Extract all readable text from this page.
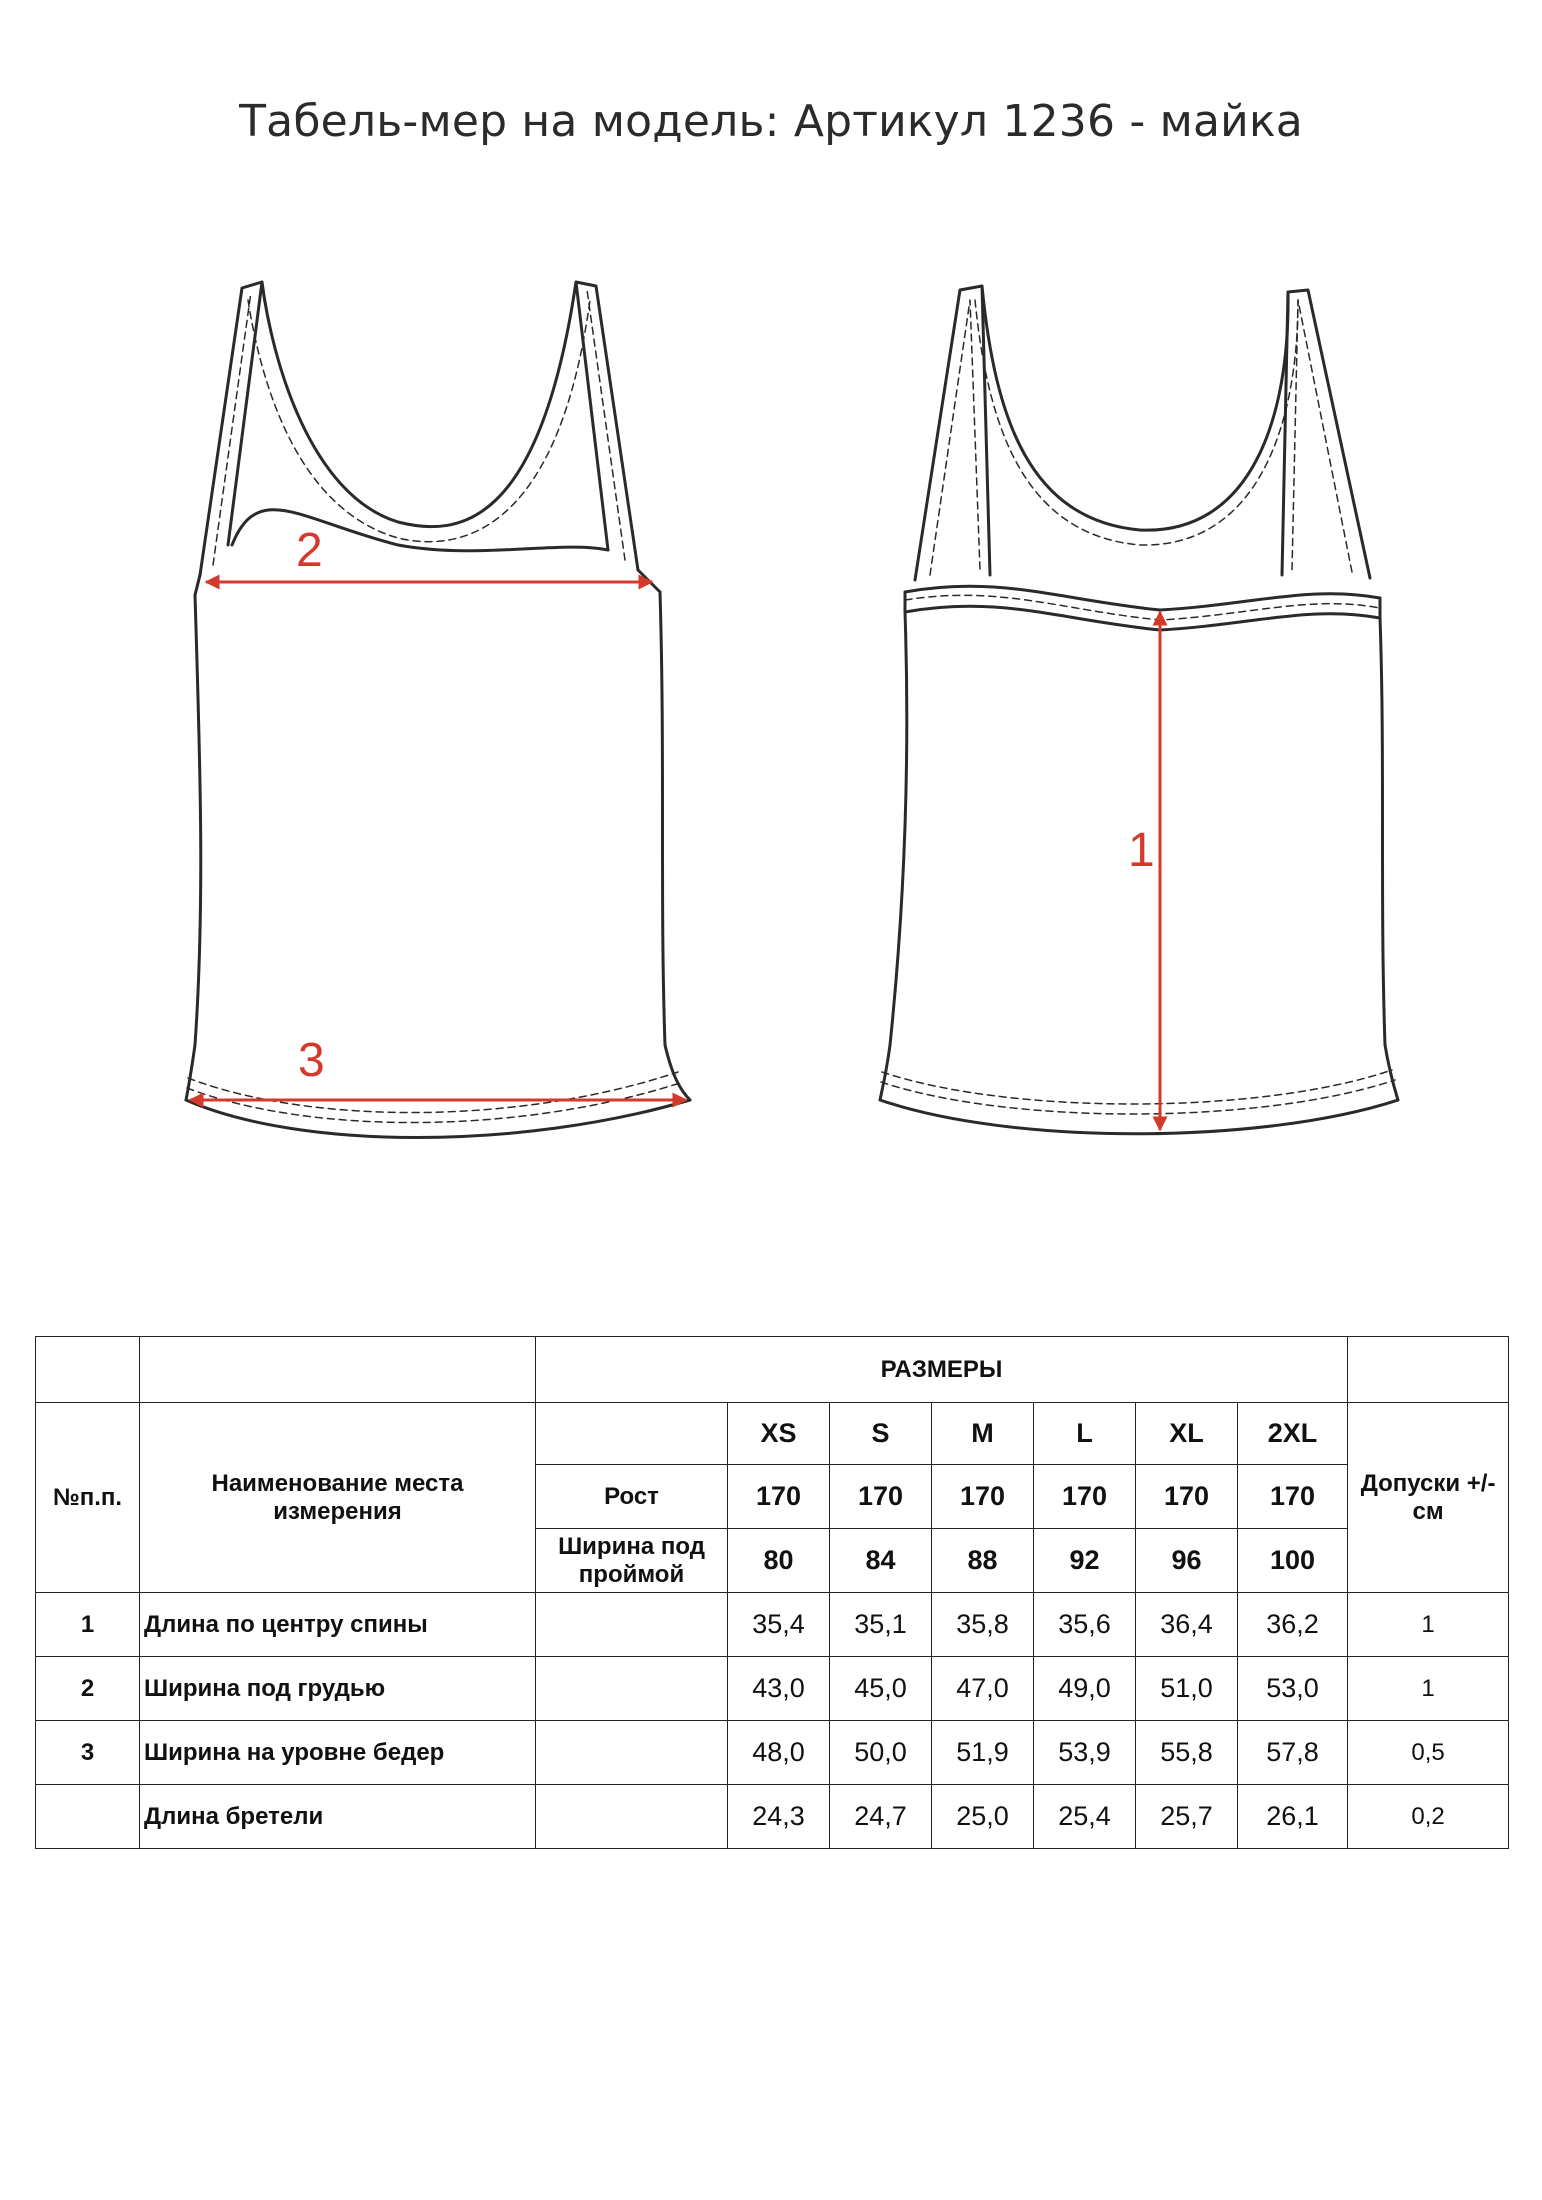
Табель-мер на модель: Артикул 1236 - майка
2
3
1
		РАЗМЕРЫ							
№п.п.	Наименование места измерения		XS	S	M	L	XL	2XL	Допуски +/- см
		Рост	170	170	170	170	170	170	
		Ширина под проймой	80	84	88	92	96	100	
1	Длина по центру спины		35,4	35,1	35,8	35,6	36,4	36,2	1
2	Ширина под грудью		43,0	45,0	47,0	49,0	51,0	53,0	1
3	Ширина на уровне бедер		48,0	50,0	51,9	53,9	55,8	57,8	0,5
	Длина бретели		24,3	24,7	25,0	25,4	25,7	26,1	0,2
